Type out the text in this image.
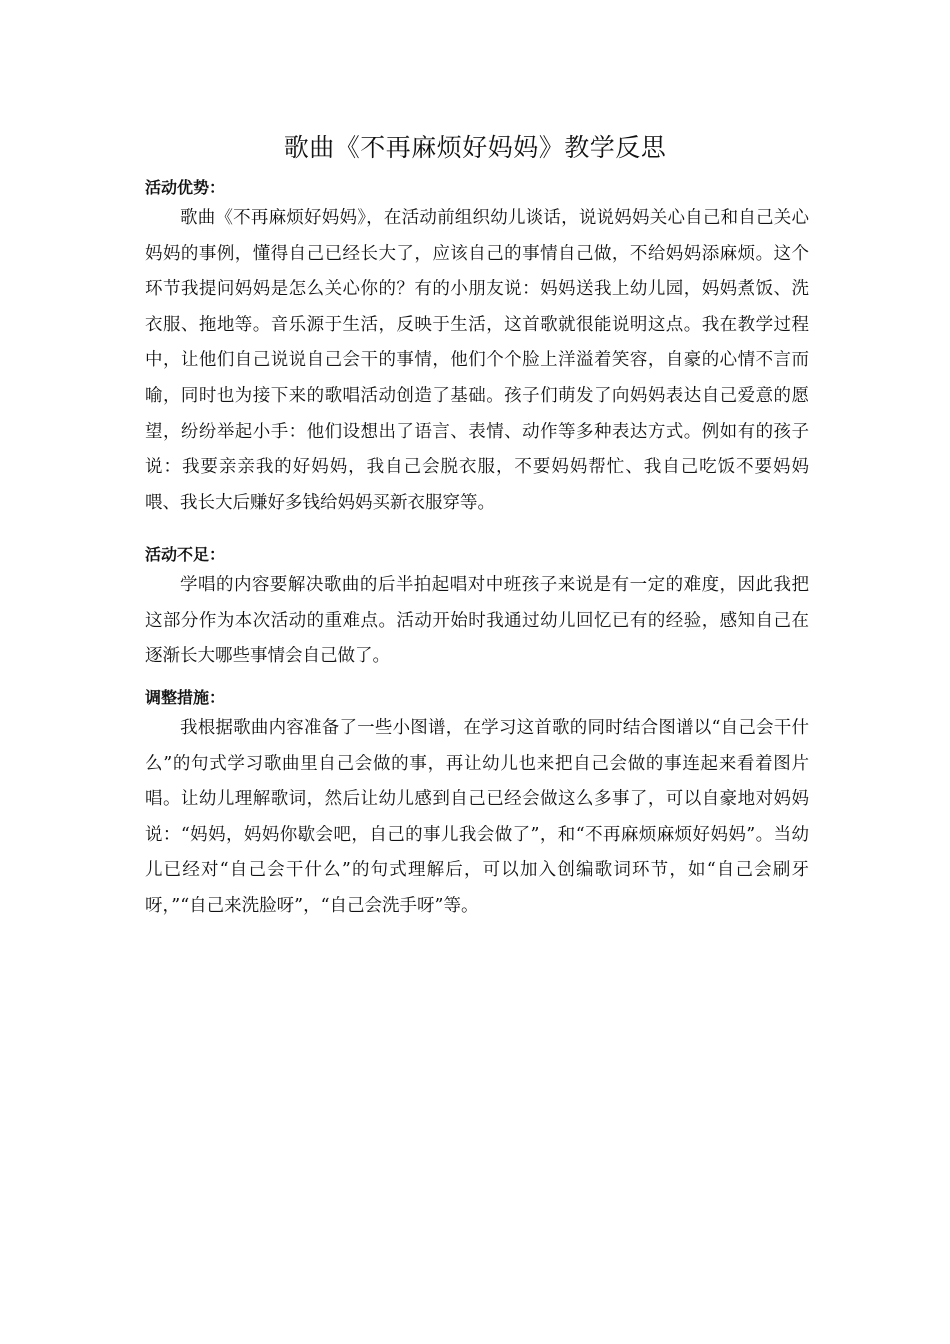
歌曲《不再麻烦好妈妈》教学反思
活动优势：

歌曲《不再麻烦好妈妈》，在活动前组织幼儿谈话，说说妈妈关心自己和自己关心妈妈的事例，懂得自己已经长大了，应该自己的事情自己做，不给妈妈添麻烦。这个环节我提问妈妈是怎么关心你的？有的小朋友说：妈妈送我上幼儿园，妈妈煮饭、洗衣服、拖地等。音乐源于生活，反映于生活，这首歌就很能说明这点。我在教学过程中，让他们自己说说自己会干的事情，他们个个脸上洋溢着笑容，自豪的心情不言而喻，同时也为接下来的歌唱活动创造了基础。孩子们萌发了向妈妈表达自己爱意的愿望，纷纷举起小手：他们设想出了语言、表情、动作等多种表达方式。例如有的孩子说：我要亲亲我的好妈妈，我自己会脱衣服，不要妈妈帮忙、我自己吃饭不要妈妈喂、我长大后赚好多钱给妈妈买新衣服穿等。

活动不足：

学唱的内容要解决歌曲的后半拍起唱对中班孩子来说是有一定的难度，因此我把这部分作为本次活动的重难点。活动开始时我通过幼儿回忆已有的经验，感知自己在逐渐长大哪些事情会自己做了。

调整措施：

我根据歌曲内容准备了一些小图谱，在学习这首歌的同时结合图谱以“自己会干什么”的句式学习歌曲里自己会做的事，再让幼儿也来把自己会做的事连起来看着图片唱。让幼儿理解歌词，然后让幼儿感到自己已经会做这么多事了，可以自豪地对妈妈说：“妈妈，妈妈你歇会吧，自己的事儿我会做了”，和“不再麻烦麻烦好妈妈”。当幼儿已经对“自己会干什么”的句式理解后，可以加入创编歌词环节，如“自己会刷牙呀，”“自己来洗脸呀”，“自己会洗手呀”等。
